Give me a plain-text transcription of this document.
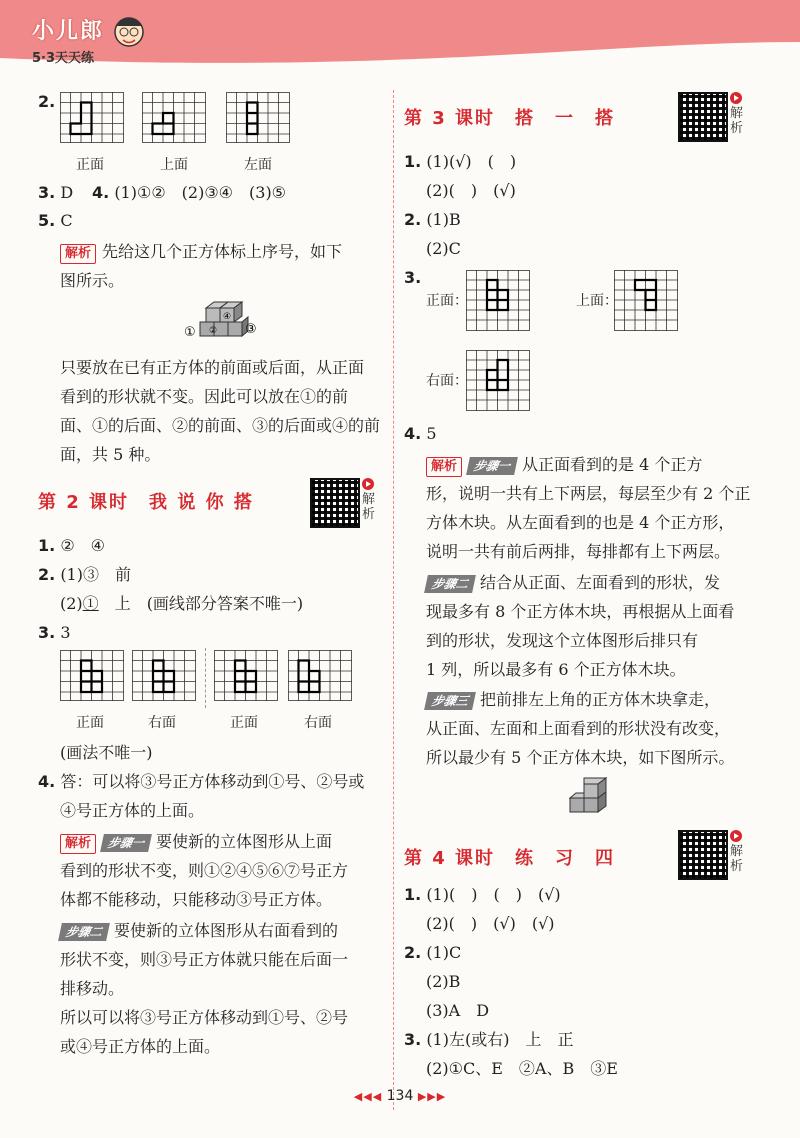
小儿郎
5·3天天练
2.
正面	上面	左面
3. D 4. (1)①②　(2)③④　(3)⑤
5. C
解析 先给这几个正方体标上序号，如下
图所示。
① ②
④
③
只要放在已有正方体的前面或后面，从正面
看到的形状就不变。因此可以放在①的前
面、①的后面、②的前面、③的后面或④的前
面，共 5 种。
第 2 课时　我 说 你 搭	解析
1. ②　④
2. (1)③　前
(2)①　上　(画线部分答案不唯一)
3. 3
正面	右面	正面	右面
(画法不唯一)
4. 答：可以将③号正方体移动到①号、②号或
④号正方体的上面。
解析 步骤一 要使新的立体图形从上面
看到的形状不变，则①②④⑤⑥⑦号正方
体都不能移动，只能移动③号正方体。
步骤二 要使新的立体图形从右面看到的
形状不变，则③号正方体就只能在后面一
排移动。
所以可以将③号正方体移动到①号、②号
或④号正方体的上面。
第 3 课时　搭　一　搭	解析
1. (1)(√)　(　)
(2)(　)　(√)
2. (1)B
(2)C
3.
正面：	上面：
右面：
4. 5
解析 步骤一 从正面看到的是 4 个正方
形，说明一共有上下两层，每层至少有 2 个正
方体木块。从左面看到的也是 4 个正方形，
说明一共有前后两排，每排都有上下两层。
步骤二 结合从正面、左面看到的形状，发
现最多有 8 个正方体木块，再根据从上面看
到的形状，发现这个立体图形后排只有
1 列，所以最多有 6 个正方体木块。
步骤三 把前排左上角的正方体木块拿走，
从正面、左面和上面看到的形状没有改变，
所以最少有 5 个正方体木块，如下图所示。
第 4 课时　练　习　四	解析
1. (1)(　)　(　)　(√)
(2)(　)　(√)　(√)
2. (1)C
(2)B
(3)A　D
3. (1)左(或右)　上　正
(2)①C、E　②A、B　③E
◀◀◀ 134 ▶▶▶
